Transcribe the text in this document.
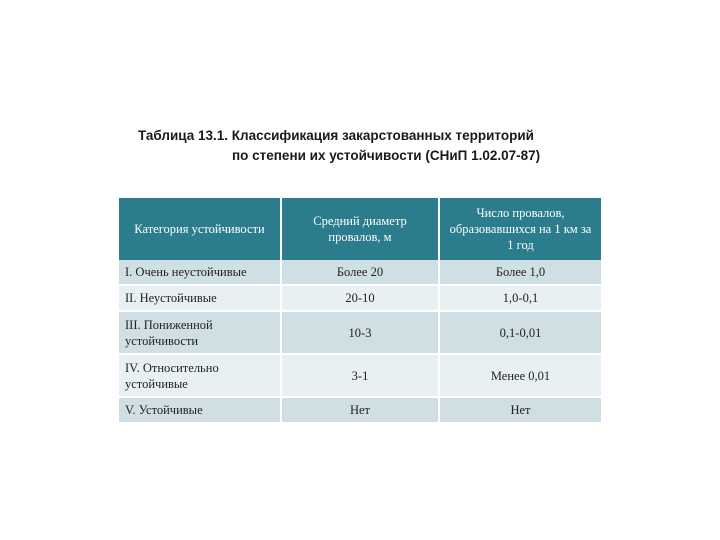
Таблица 13.1. Классификация закарстованных территорий
по степени их устойчивости (СНиП 1.02.07-87)
Категория устойчивости	Средний диаметр провалов, м	Число провалов, образовавшихся на 1 км за 1 год
I. Очень неустойчивые	Более 20	Более 1,0
II. Неустойчивые	20-10	1,0-0,1
III. Пониженной устойчивости	10-3	0,1-0,01
IV. Относительно устойчивые	3-1	Менее 0,01
V. Устойчивые	Нет	Нет
